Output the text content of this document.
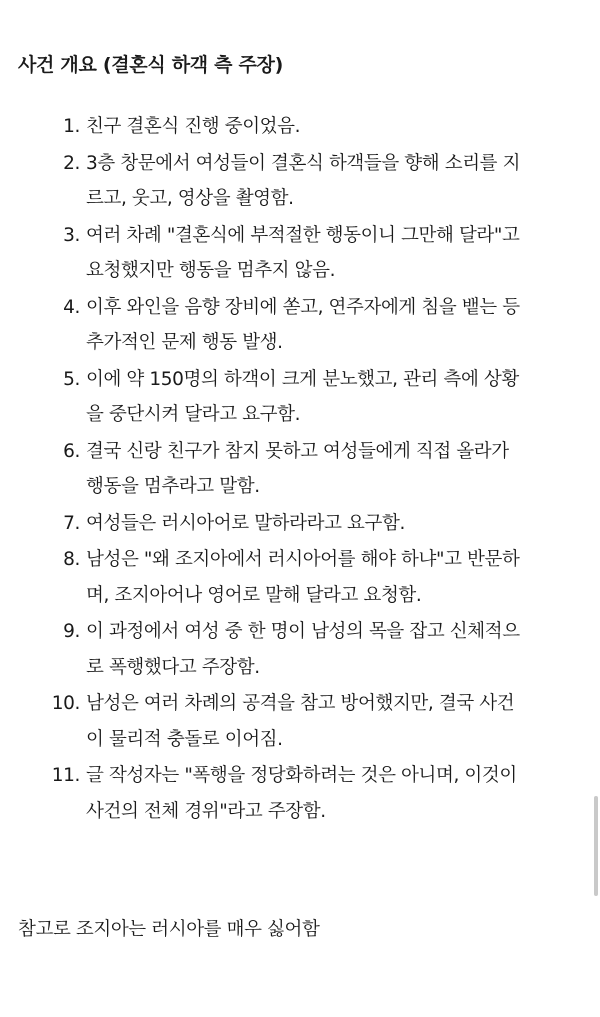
사건 개요 (결혼식 하객 측 주장)
1. 친구 결혼식 진행 중이었음.
2. 3층 창문에서 여성들이 결혼식 하객들을 향해 소리를 지
르고, 웃고, 영상을 촬영함.
3. 여러 차례 "결혼식에 부적절한 행동이니 그만해 달라"고
요청했지만 행동을 멈추지 않음.
4. 이후 와인을 음향 장비에 쏟고, 연주자에게 침을 뱉는 등
추가적인 문제 행동 발생.
5. 이에 약 150명의 하객이 크게 분노했고, 관리 측에 상황
을 중단시켜 달라고 요구함.
6. 결국 신랑 친구가 참지 못하고 여성들에게 직접 올라가
행동을 멈추라고 말함.
7. 여성들은 러시아어로 말하라라고 요구함.
8. 남성은 "왜 조지아에서 러시아어를 해야 하냐"고 반문하
며, 조지아어나 영어로 말해 달라고 요청함.
9. 이 과정에서 여성 중 한 명이 남성의 목을 잡고 신체적으
로 폭행했다고 주장함.
10. 남성은 여러 차례의 공격을 참고 방어했지만, 결국 사건
이 물리적 충돌로 이어짐.
11. 글 작성자는 "폭행을 정당화하려는 것은 아니며, 이것이
사건의 전체 경위"라고 주장함.
참고로 조지아는 러시아를 매우 싫어함
